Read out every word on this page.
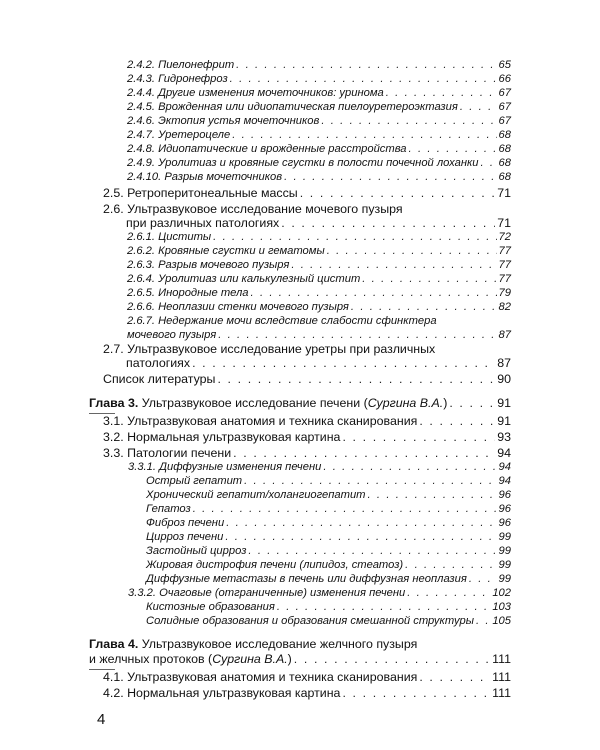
2.4.2. Пиелонефрит . . .	65
2.4.3. Гидронефроз . . .	66
2.4.4. Другие изменения мочеточников: уринома . . .	67
2.4.5. Врожденная или идиопатическая пиелоуретероэктазия . . .	67
2.4.6. Эктопия устья мочеточников . . .	67
2.4.7. Уретероцеле . . .	68
2.4.8. Идиопатические и врожденные расстройства . . .	68
2.4.9. Уролитиаз и кровяные сгустки в полости почечной лоханки . . . 68
2.4.10. Разрыв мочеточников . . .	68
2.5. Ретроперитонеальные массы . . .	71
2.6. Ультразвуковое исследование мочевого пузыря
при различных патологиях . . .	71
2.6.1. Циститы . . .	72
2.6.2. Кровяные сгустки и гематомы . . .	77
2.6.3. Разрыв мочевого пузыря . . .	77
2.6.4. Уролитиаз или калькулезный цистит . . .	77
2.6.5. Инородные тела . . .	79
2.6.6. Неоплазии стенки мочевого пузыря . . .	82
2.6.7. Недержание мочи вследствие слабости сфинктера
мочевого пузыря . . .	87
2.7. Ультразвуковое исследование уретры при различных
патологиях . . .	87
Список литературы . . .	90
Глава 3.
Ультразвуковое исследование печени ( Сургина В.А. ) . . .	91
3.1. Ультразвуковая анатомия и техника сканирования . . .	91
3.2. Нормальная ультразвуковая картина . . .	93
3.3. Патологии печени . . .	94
3.3.1. Диффузные изменения печени . . .	94
Острый гепатит . . .	94
Хронический гепатит/холангиогепатит . . .	96
Гепатоз . . .	96
Фиброз печени . . .	96
Цирроз печени . . .	99
Застойный цирроз . . .	99
Жировая дистрофия печени (липидоз, стеатоз) . . .	99
Диффузные метастазы в печень или диффузная неоплазия . . .	99
3.3.2. Очаговые (отграниченные) изменения печени . . .	102
Кистозные образования . . .	103
Солидные образования и образования смешанной структуры . . . 105
Глава 4.
Ультразвуковое исследование желчного пузыря
и желчных протоков ( Сургина В.А. ) . . .	111
4.1. Ультразвуковая анатомия и техника сканирования . . .	111
4.2. Нормальная ультразвуковая картина . . .	111
4
